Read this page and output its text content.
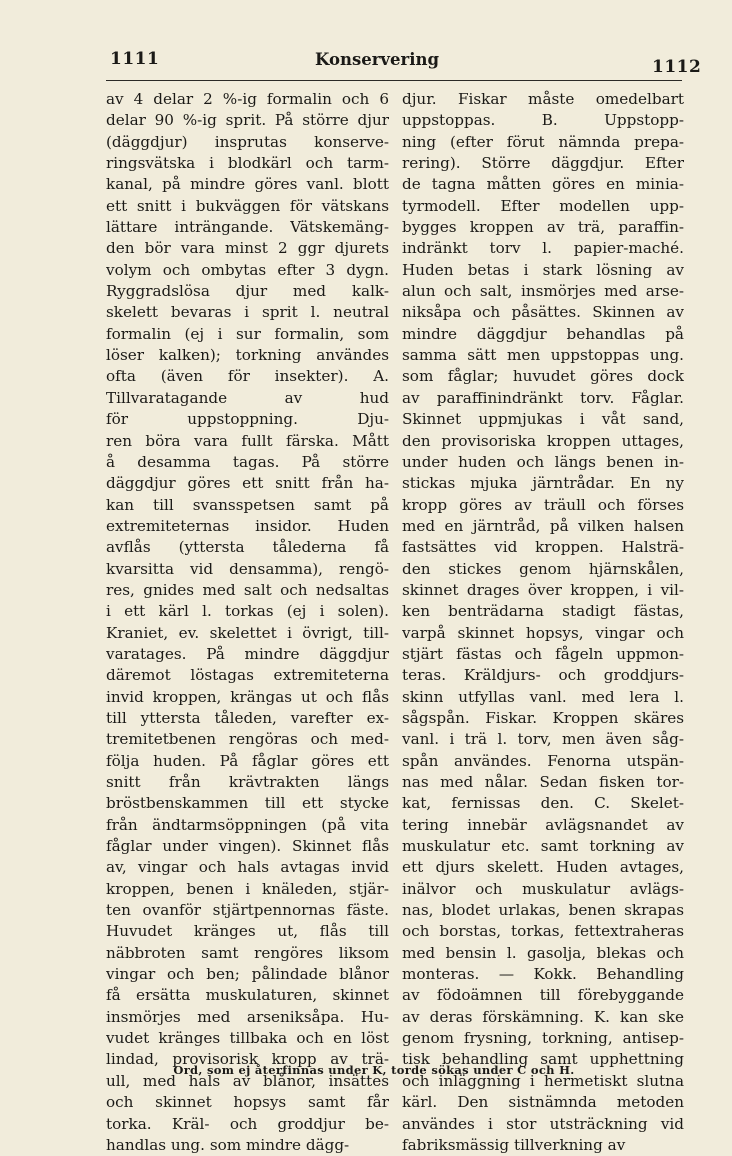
1111	Konservering	1112
av 4 delar 2 %-ig formalin och 6
delar 90 %-ig sprit. På större djur
(däggdjur) insprutas konserve-
ringsvätska i blodkärl och tarm-
kanal, på mindre göres vanl. blott
ett snitt i bukväggen för vätskans
lättare inträngande. Vätskemäng-
den bör vara minst 2 ggr djurets
volym och ombytas efter 3 dygn.
Ryggradslösa djur med kalk-
skelett bevaras i sprit l. neutral
formalin (ej i sur formalin, som
löser kalken); torkning användes
ofta (även för insekter). A.
Tillvaratagande av hud
för uppstoppning. Dju-
ren böra vara fullt färska. Mått
å desamma tagas. På större
däggdjur göres ett snitt från ha-
kan till svansspetsen samt på
extremiteternas insidor. Huden
avflås (yttersta tålederna få
kvarsitta vid densamma), rengö-
res, gnides med salt och nedsaltas
i ett kärl l. torkas (ej i solen).
Kraniet, ev. skelettet i övrigt, till-
varatages. På mindre däggdjur
däremot löstagas extremiteterna
invid kroppen, krängas ut och flås
till yttersta tåleden, varefter ex-
tremitetbenen rengöras och med-
följa huden. På fåglar göres ett
snitt från krävtrakten längs
bröstbenskammen till ett stycke
från ändtarmsöppningen (på vita
fåglar under vingen). Skinnet flås
av, vingar och hals avtagas invid
kroppen, benen i knäleden, stjär-
ten ovanför stjärtpennornas fäste.
Huvudet kränges ut, flås till
näbbroten samt rengöres liksom
vingar och ben; pålindade blånor
få ersätta muskulaturen, skinnet
insmörjes med arseniksåpa. Hu-
vudet kränges tillbaka och en löst
lindad, provisorisk kropp av trä-
ull, med hals av blånor, insättes
och skinnet hopsys samt får
torka. Kräl- och groddjur be-
handlas ung. som mindre dägg-
djur. Fiskar måste omedelbart
uppstoppas. B. Uppstopp-
ning (efter förut nämnda prepa-
rering). Större däggdjur. Efter
de tagna måtten göres en minia-
tyrmodell. Efter modellen upp-
bygges kroppen av trä, paraffin-
indränkt torv l. papier-maché.
Huden betas i stark lösning av
alun och salt, insmörjes med arse-
niksåpa och påsättes. Skinnen av
mindre däggdjur behandlas på
samma sätt men uppstoppas ung.
som fåglar; huvudet göres dock
av paraffinindränkt torv. Fåglar.
Skinnet uppmjukas i våt sand,
den provisoriska kroppen uttages,
under huden och längs benen in-
stickas mjuka järntrådar. En ny
kropp göres av träull och förses
med en järntråd, på vilken halsen
fastsättes vid kroppen. Halsträ-
den stickes genom hjärnskålen,
skinnet drages över kroppen, i vil-
ken benträdarna stadigt fästas,
varpå skinnet hopsys, vingar och
stjärt fästas och fågeln uppmon-
teras. Kräldjurs- och groddjurs-
skinn utfyllas vanl. med lera l.
sågspån. Fiskar. Kroppen skäres
vanl. i trä l. torv, men även såg-
spån användes. Fenorna utspän-
nas med nålar. Sedan fisken tor-
kat, fernissas den. C. Skelet-
tering innebär avlägsnandet av
muskulatur etc. samt torkning av
ett djurs skelett. Huden avtages,
inälvor och muskulatur avlägs-
nas, blodet urlakas, benen skrapas
och borstas, torkas, fettextraheras
med bensin l. gasolja, blekas och
monteras. — Kokk. Behandling
av födoämnen till förebyggande
av deras förskämning. K. kan ske
genom frysning, torkning, antisep-
tisk behandling samt upphettning
och inläggning i hermetiskt slutna
kärl. Den sistnämnda metoden
användes i stor utsträckning vid
fabriksmässig tillverkning av
Ord, som ej återfinnas under K, torde sökas under C och H.
